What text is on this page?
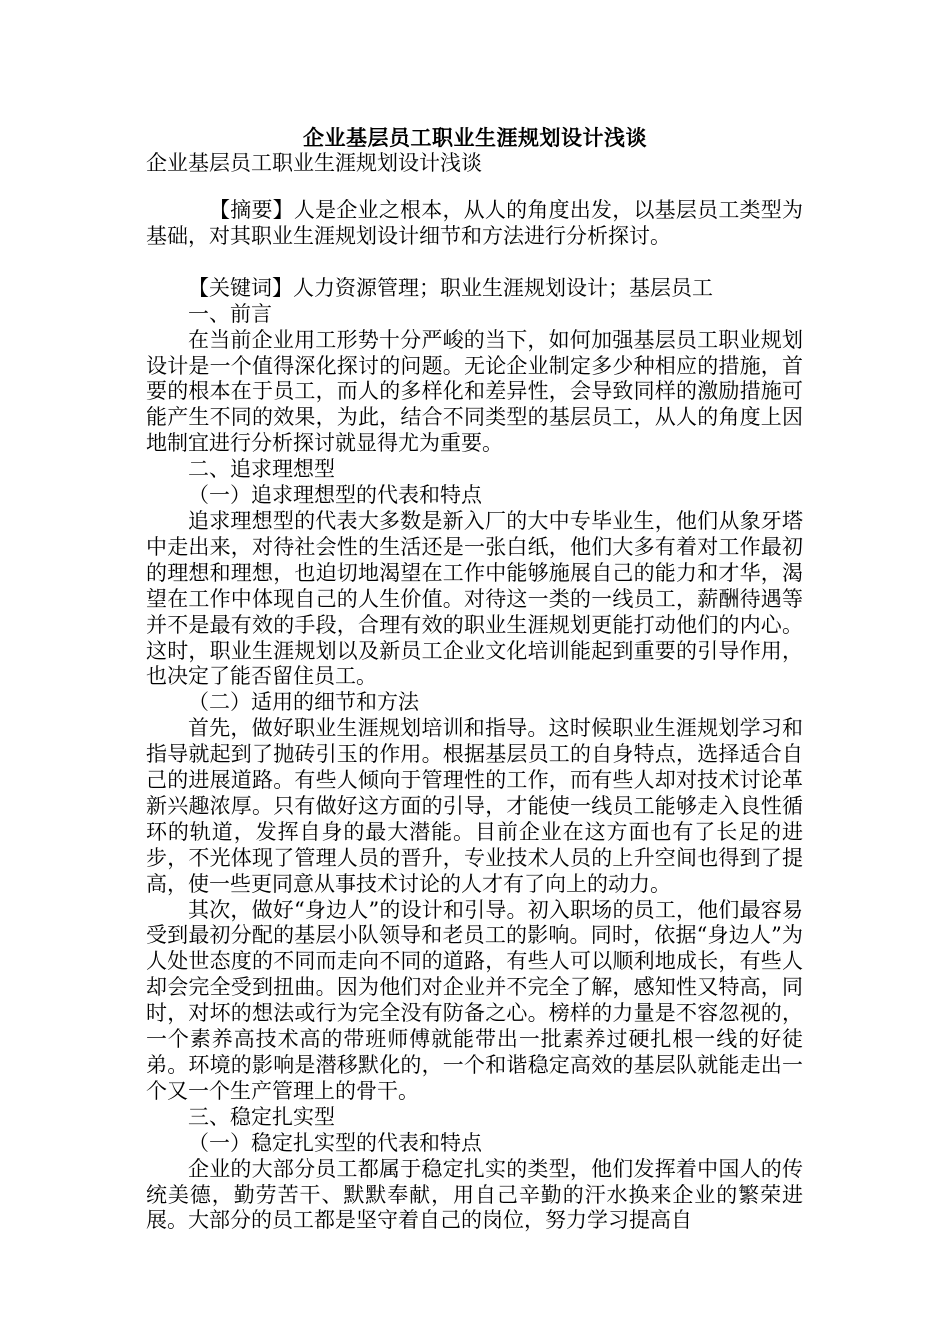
企业基层员工职业生涯规划设计浅谈
企业基层员工职业生涯规划设计浅谈

【摘要】人是企业之根本，从人的角度出发，以基层员工类型为基础，对其职业生涯规划设计细节和方法进行分析探讨。

【关键词】人力资源管理；职业生涯规划设计；基层员工

一、前言

在当前企业用工形势十分严峻的当下，如何加强基层员工职业规划设计是一个值得深化探讨的问题。无论企业制定多少种相应的措施，首要的根本在于员工，而人的多样化和差异性，会导致同样的激励措施可能产生不同的效果，为此，结合不同类型的基层员工，从人的角度上因地制宜进行分析探讨就显得尤为重要。

二、追求理想型

（一）追求理想型的代表和特点

追求理想型的代表大多数是新入厂的大中专毕业生，他们从象牙塔中走出来，对待社会性的生活还是一张白纸，他们大多有着对工作最初的理想和理想，也迫切地渴望在工作中能够施展自己的能力和才华，渴望在工作中体现自己的人生价值。对待这一类的一线员工，薪酬待遇等并不是最有效的手段，合理有效的职业生涯规划更能打动他们的内心。这时，职业生涯规划以及新员工企业文化培训能起到重要的引导作用，也决定了能否留住员工。

（二）适用的细节和方法

首先，做好职业生涯规划培训和指导。这时候职业生涯规划学习和指导就起到了抛砖引玉的作用。根据基层员工的自身特点，选择适合自己的进展道路。有些人倾向于管理性的工作，而有些人却对技术讨论革新兴趣浓厚。只有做好这方面的引导，才能使一线员工能够走入良性循环的轨道，发挥自身的最大潜能。目前企业在这方面也有了长足的进步，不光体现了管理人员的晋升，专业技术人员的上升空间也得到了提高，使一些更同意从事技术讨论的人才有了向上的动力。

其次，做好“身边人”的设计和引导。初入职场的员工，他们最容易受到最初分配的基层小队领导和老员工的影响。同时，依据“身边人”为人处世态度的不同而走向不同的道路，有些人可以顺利地成长，有些人却会完全受到扭曲。因为他们对企业并不完全了解，感知性又特高，同时，对坏的想法或行为完全没有防备之心。榜样的力量是不容忽视的，一个素养高技术高的带班师傅就能带出一批素养过硬扎根一线的好徒弟。环境的影响是潜移默化的，一个和谐稳定高效的基层队就能走出一个又一个生产管理上的骨干。

三、稳定扎实型

（一）稳定扎实型的代表和特点

企业的大部分员工都属于稳定扎实的类型，他们发挥着中国人的传统美德，勤劳苦干、默默奉献，用自己辛勤的汗水换来企业的繁荣进展。大部分的员工都是坚守着自己的岗位，努力学习提高自
